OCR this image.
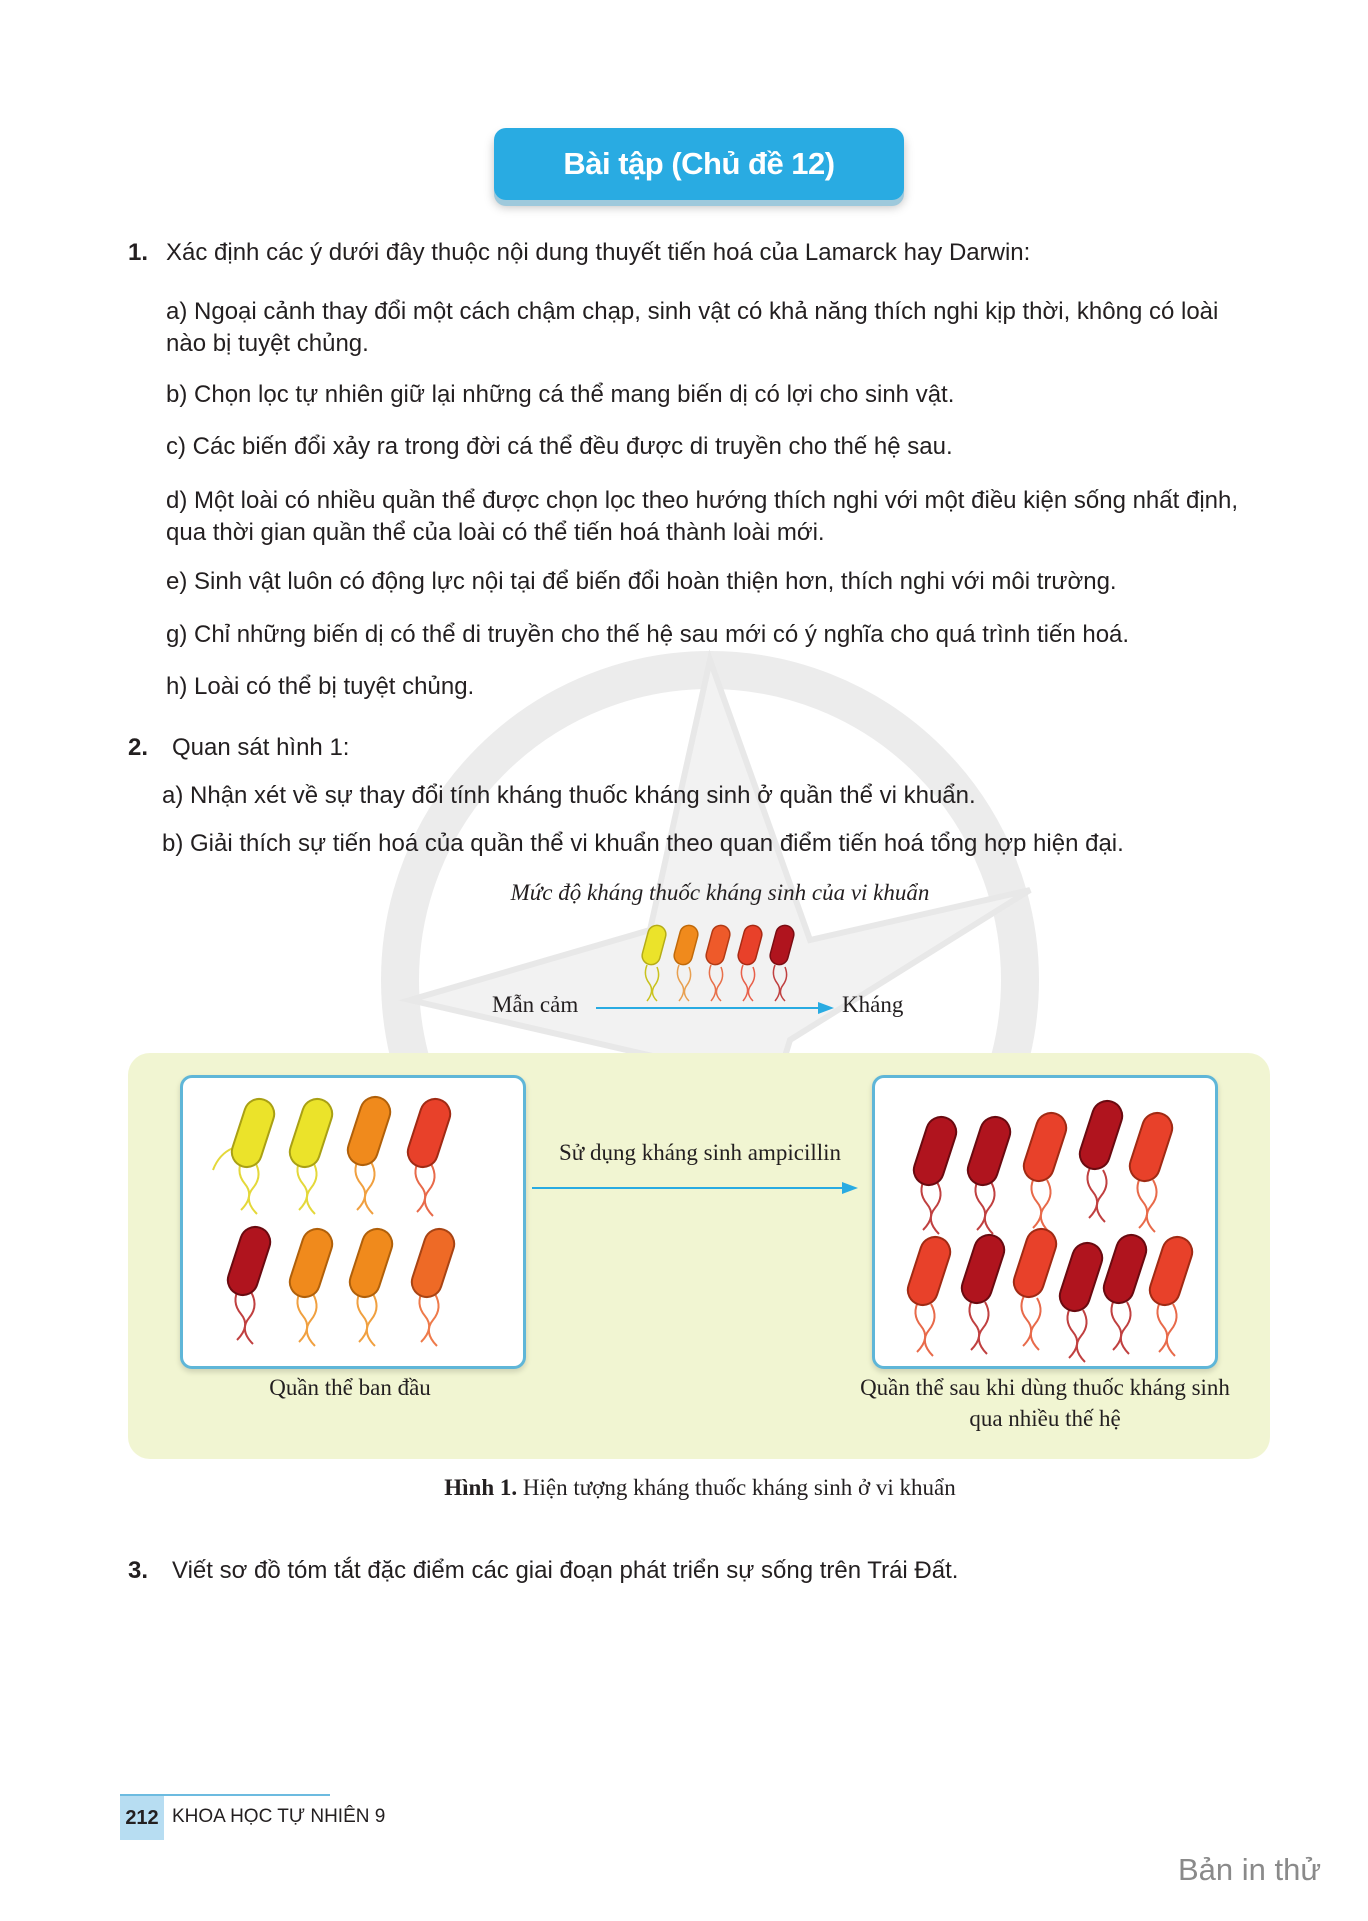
Bài tập (Chủ đề 12)
1. Xác định các ý dưới đây thuộc nội dung thuyết tiến hoá của Lamarck hay Darwin:
a) Ngoại cảnh thay đổi một cách chậm chạp, sinh vật có khả năng thích nghi kịp thời, không có loài nào bị tuyệt chủng.
b) Chọn lọc tự nhiên giữ lại những cá thể mang biến dị có lợi cho sinh vật.
c) Các biến đổi xảy ra trong đời cá thể đều được di truyền cho thế hệ sau.
d) Một loài có nhiều quần thể được chọn lọc theo hướng thích nghi với một điều kiện sống nhất định, qua thời gian quần thể của loài có thể tiến hoá thành loài mới.
e) Sinh vật luôn có động lực nội tại để biến đổi hoàn thiện hơn, thích nghi với môi trường.
g) Chỉ những biến dị có thể di truyền cho thế hệ sau mới có ý nghĩa cho quá trình tiến hoá.
h) Loài có thể bị tuyệt chủng.
2. Quan sát hình 1:
a) Nhận xét về sự thay đổi tính kháng thuốc kháng sinh ở quần thể vi khuẩn.
b) Giải thích sự tiến hoá của quần thể vi khuẩn theo quan điểm tiến hoá tổng hợp hiện đại.
Mức độ kháng thuốc kháng sinh của vi khuẩn
Mẫn cảm	Kháng
Sử dụng kháng sinh ampicillin
Quần thể ban đầu	Quần thể sau khi dùng thuốc kháng sinh
qua nhiều thế hệ
Hình 1. Hiện tượng kháng thuốc kháng sinh ở vi khuẩn
3. Viết sơ đồ tóm tắt đặc điểm các giai đoạn phát triển sự sống trên Trái Đất.
212 KHOA HỌC TỰ NHIÊN 9
Bản in thử
